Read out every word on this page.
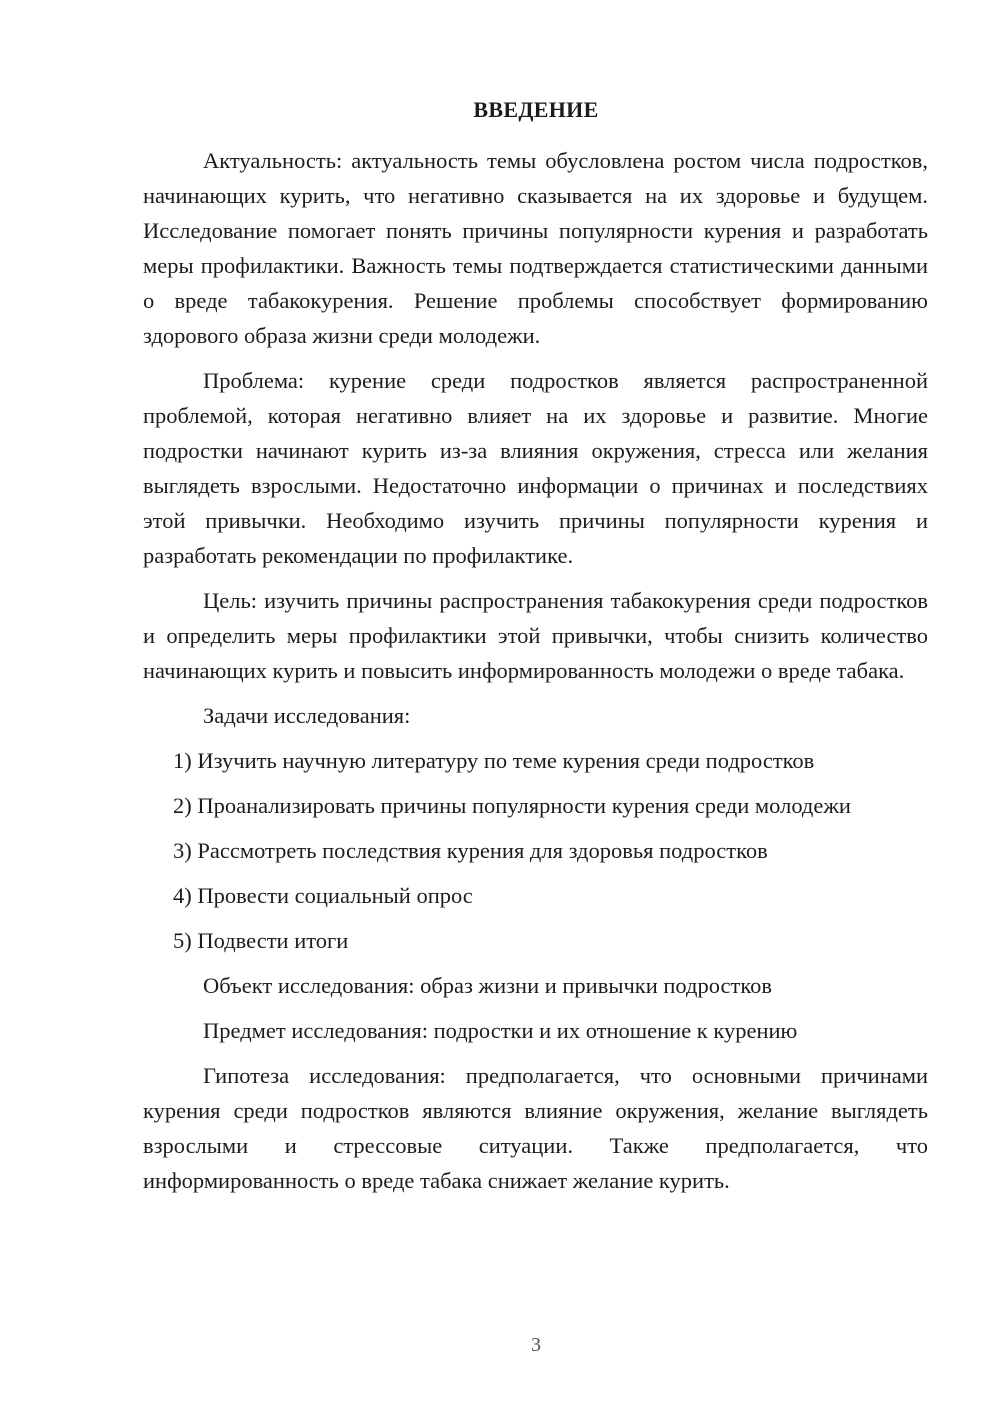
ВВЕДЕНИЕ

Актуальность: актуальность темы обусловлена ростом числа подростков, начинающих курить, что негативно сказывается на их здоровье и будущем. Исследование помогает понять причины популярности курения и разработать меры профилактики. Важность темы подтверждается статистическими данными о вреде табакокурения. Решение проблемы способствует формированию здорового образа жизни среди молодежи.

Проблема: курение среди подростков является распространенной проблемой, которая негативно влияет на их здоровье и развитие. Многие подростки начинают курить из-за влияния окружения, стресса или желания выглядеть взрослыми. Недостаточно информации о причинах и последствиях этой привычки. Необходимо изучить причины популярности курения и разработать рекомендации по профилактике.

Цель: изучить причины распространения табакокурения среди подростков и определить меры профилактики этой привычки, чтобы снизить количество начинающих курить и повысить информированность молодежи о вреде табака.

Задачи исследования:

1) Изучить научную литературу по теме курения среди подростков
2) Проанализировать причины популярности курения среди молодежи
3) Рассмотреть последствия курения для здоровья подростков
4) Провести социальный опрос
5) Подвести итоги

Объект исследования: образ жизни и привычки подростков

Предмет исследования: подростки и их отношение к курению

Гипотеза исследования: предполагается, что основными причинами курения среди подростков являются влияние окружения, желание выглядеть взрослыми и стрессовые ситуации. Также предполагается, что информированность о вреде табака снижает желание курить.

3
